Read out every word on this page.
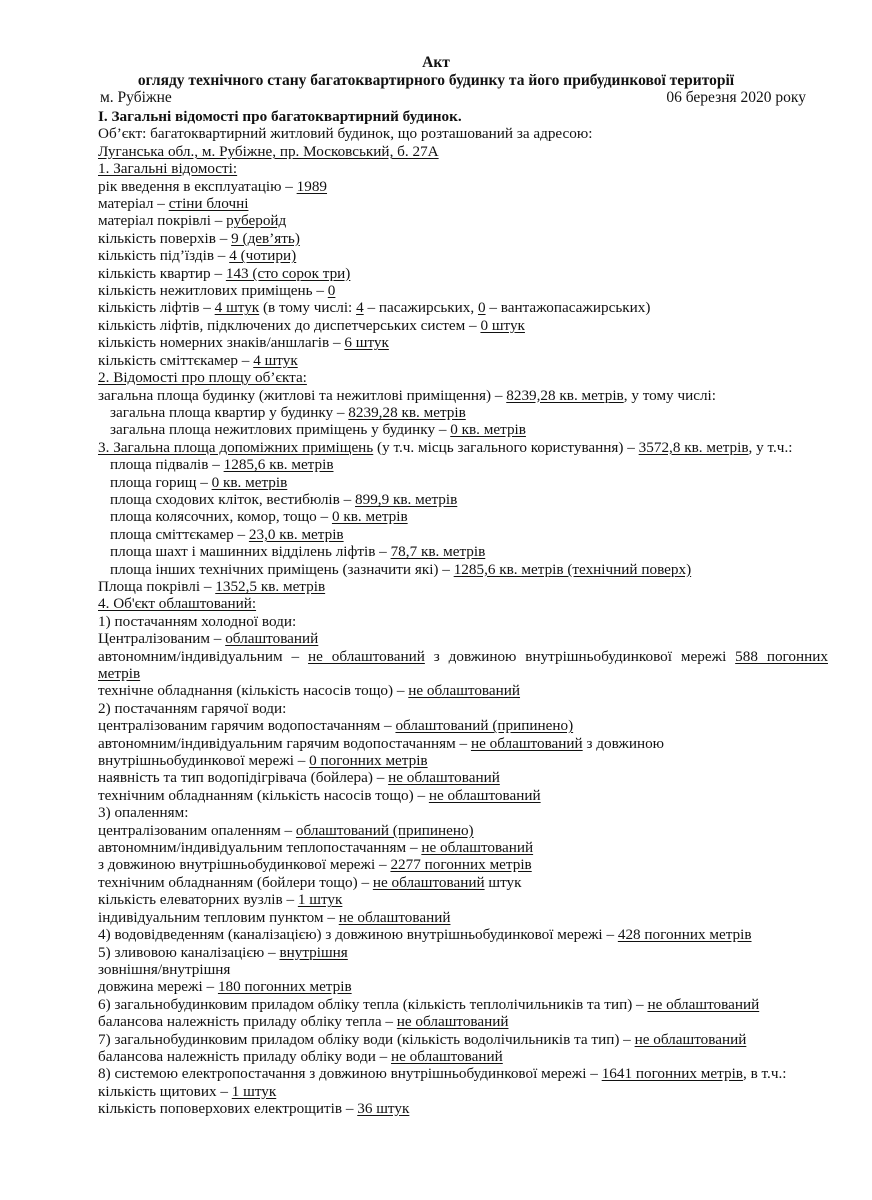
Акт
огляду технічного стану багатоквартирного будинку та його прибудинкової території
м. Рубіжне	06 березня 2020 року
I. Загальні відомості про багатоквартирний будинок.
Об’єкт: багатоквартирний житловий будинок, що розташований за адресою:
Луганська обл., м. Рубіжне, пр. Московський, б. 27А
1. Загальні відомості:
рік введення в експлуатацію – 1989
матеріал – стіни блочні
матеріал покрівлі – руберойд
кількість поверхів – 9 (дев’ять)
кількість під’їздів – 4 (чотири)
кількість квартир – 143 (сто сорок три)
кількість нежитлових приміщень – 0
кількість ліфтів – 4 штук (в тому числі: 4 – пасажирських, 0 – вантажопасажирських)
кількість ліфтів, підключених до диспетчерських систем – 0 штук
кількість номерних знаків/аншлагів – 6 штук
кількість сміттєкамер – 4 штук
2. Відомості про площу об’єкта:
загальна площа будинку (житлові та нежитлові приміщення) – 8239,28 кв. метрів, у тому числі:
загальна площа квартир у будинку – 8239,28 кв. метрів
загальна площа нежитлових приміщень у будинку – 0 кв. метрів
3. Загальна площа допоміжних приміщень (у т.ч. місць загального користування) – 3572,8 кв. метрів, у т.ч.:
площа підвалів – 1285,6 кв. метрів
площа горищ – 0 кв. метрів
площа сходових кліток, вестибюлів – 899,9 кв. метрів
площа колясочних, комор, тощо – 0 кв. метрів
площа сміттєкамер – 23,0 кв. метрів
площа шахт і машинних відділень ліфтів – 78,7 кв. метрів
площа інших технічних приміщень (зазначити які) – 1285,6 кв. метрів (технічний поверх)
Площа покрівлі – 1352,5 кв. метрів
4. Об'єкт облаштований:
1) постачанням холодної води:
Централізованим – облаштований
автономним/індивідуальним – не облаштований з довжиною внутрішньобудинкової мережі 588 погонних метрів
технічне обладнання (кількість насосів тощо) – не облаштований
2) постачанням гарячої води:
централізованим гарячим водопостачанням – облаштований (припинено)
автономним/індивідуальним гарячим водопостачанням – не облаштований з довжиною
внутрішньобудинкової мережі – 0 погонних метрів
наявність та тип водопідігрівача (бойлера) – не облаштований
технічним обладнанням (кількість насосів тощо) – не облаштований
3) опаленням:
централізованим опаленням – облаштований (припинено)
автономним/індивідуальним теплопостачанням – не облаштований
з довжиною внутрішньобудинкової мережі – 2277 погонних метрів
технічним обладнанням (бойлери тощо) – не облаштований штук
кількість елеваторних вузлів – 1 штук
індивідуальним тепловим пунктом – не облаштований
4) водовідведенням (каналізацією) з довжиною внутрішньобудинкової мережі – 428 погонних метрів
5) зливовою каналізацією – внутрішня
зовнішня/внутрішня
довжина мережі – 180 погонних метрів
6) загальнобудинковим приладом обліку тепла (кількість теплолічильників та тип) – не облаштований
балансова належність приладу обліку тепла – не облаштований
7) загальнобудинковим приладом обліку води (кількість водолічильників та тип) – не облаштований
балансова належність приладу обліку води – не облаштований
8) системою електропостачання з довжиною внутрішньобудинкової мережі – 1641 погонних метрів, в т.ч.:
кількість щитових – 1 штук
кількість поповерхових електрощитів – 36 штук
